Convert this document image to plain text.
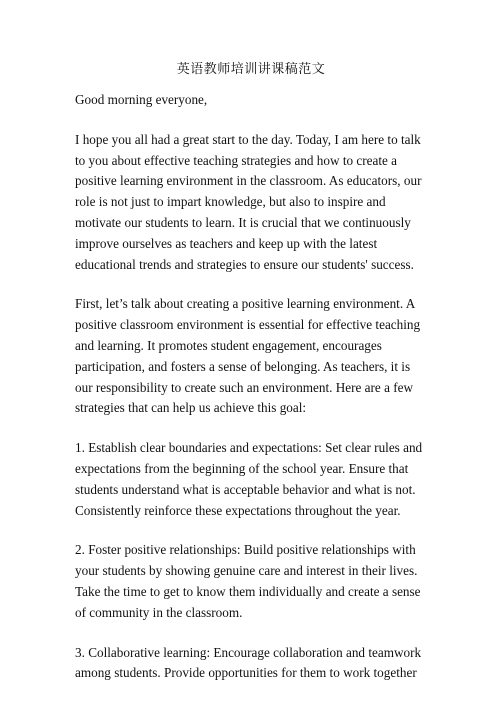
英语教师培训讲课稿范文
Good morning everyone,
I hope you all had a great start to the day. Today, I am here to talk
to you about effective teaching strategies and how to create a
positive learning environment in the classroom. As educators, our
role is not just to impart knowledge, but also to inspire and
motivate our students to learn. It is crucial that we continuously
improve ourselves as teachers and keep up with the latest
educational trends and strategies to ensure our students' success.
First, let’s talk about creating a positive learning environment. A
positive classroom environment is essential for effective teaching
and learning. It promotes student engagement, encourages
participation, and fosters a sense of belonging. As teachers, it is
our responsibility to create such an environment. Here are a few
strategies that can help us achieve this goal:
1. Establish clear boundaries and expectations: Set clear rules and
expectations from the beginning of the school year. Ensure that
students understand what is acceptable behavior and what is not.
Consistently reinforce these expectations throughout the year.
2. Foster positive relationships: Build positive relationships with
your students by showing genuine care and interest in their lives.
Take the time to get to know them individually and create a sense
of community in the classroom.
3. Collaborative learning: Encourage collaboration and teamwork
among students. Provide opportunities for them to work together
